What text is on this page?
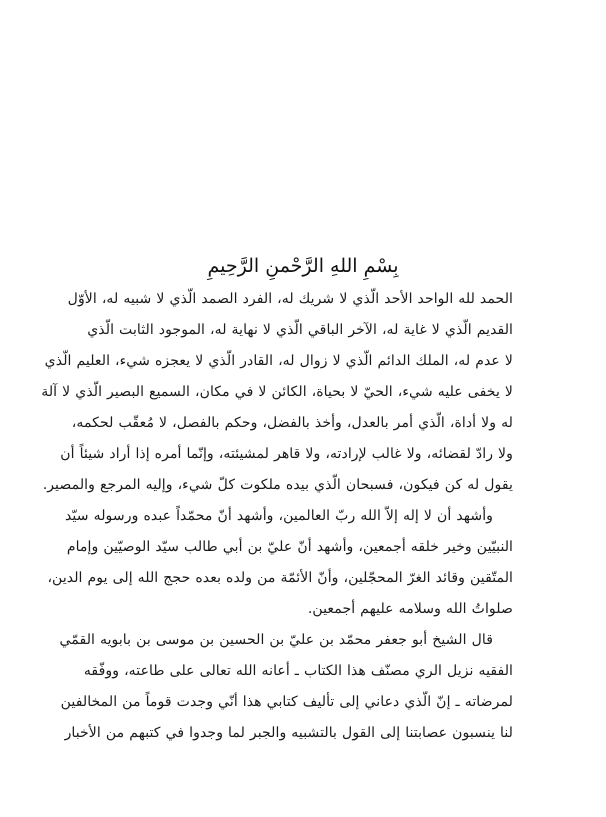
بِسْمِ اللهِ الرَّحْمنِ الرَّحِيمِ
الحمد لله الواحد الأحد الّذي لا شريك له، الفرد الصمد الّذي لا شبيه له، الأوّل
القديم الّذي لا غاية له، الآخر الباقي الّذي لا نهاية له، الموجود الثابت الّذي
لا عدم له، الملك الدائم الّذي لا زوال له، القادر الّذي لا يعجزه شيء، العليم الّذي
لا يخفى عليه شيء، الحيّ لا بحياة، الكائن لا في مكان، السميع البصير الّذي لا آلة
له ولا أداة، الّذي أمر بالعدل، وأخذ بالفضل، وحكم بالفصل، لا مُعقّب لحكمه،
ولا رادّ لقضائه، ولا غالب لإرادته، ولا قاهر لمشيئته، وإنّما أمره إذا أراد شيئاً أن
يقول له كن فيكون، فسبحان الّذي بيده ملكوت كلّ شيء، وإليه المرجع والمصير.
وأشهد أن لا إله إلاّ الله ربّ العالمين، وأشهد أنّ محمّداً عبده ورسوله سيّد
النبيّين وخير خلقه أجمعين، وأشهد أنّ عليّ بن أبي طالب سيّد الوصيّين وإمام
المتّقين وقائد الغرّ المحجّلين، وأنّ الأئمّة من ولده بعده حجج الله إلى يوم الدين،
صلواتُ الله وسلامه عليهم أجمعين.
قال الشيخ أبو جعفر محمّد بن عليّ بن الحسين بن موسى بن بابويه القمّي
الفقيه نزيل الري مصنّف هذا الكتاب ـ أعانه الله تعالى على طاعته، ووفّقه
لمرضاته ـ إنّ الّذي دعاني إلى تأليف كتابي هذا أنّي وجدت قوماً من المخالفين
لنا ينسبون عصابتنا إلى القول بالتشبيه والجبر لما وجدوا في كتبهم من الأخبار
